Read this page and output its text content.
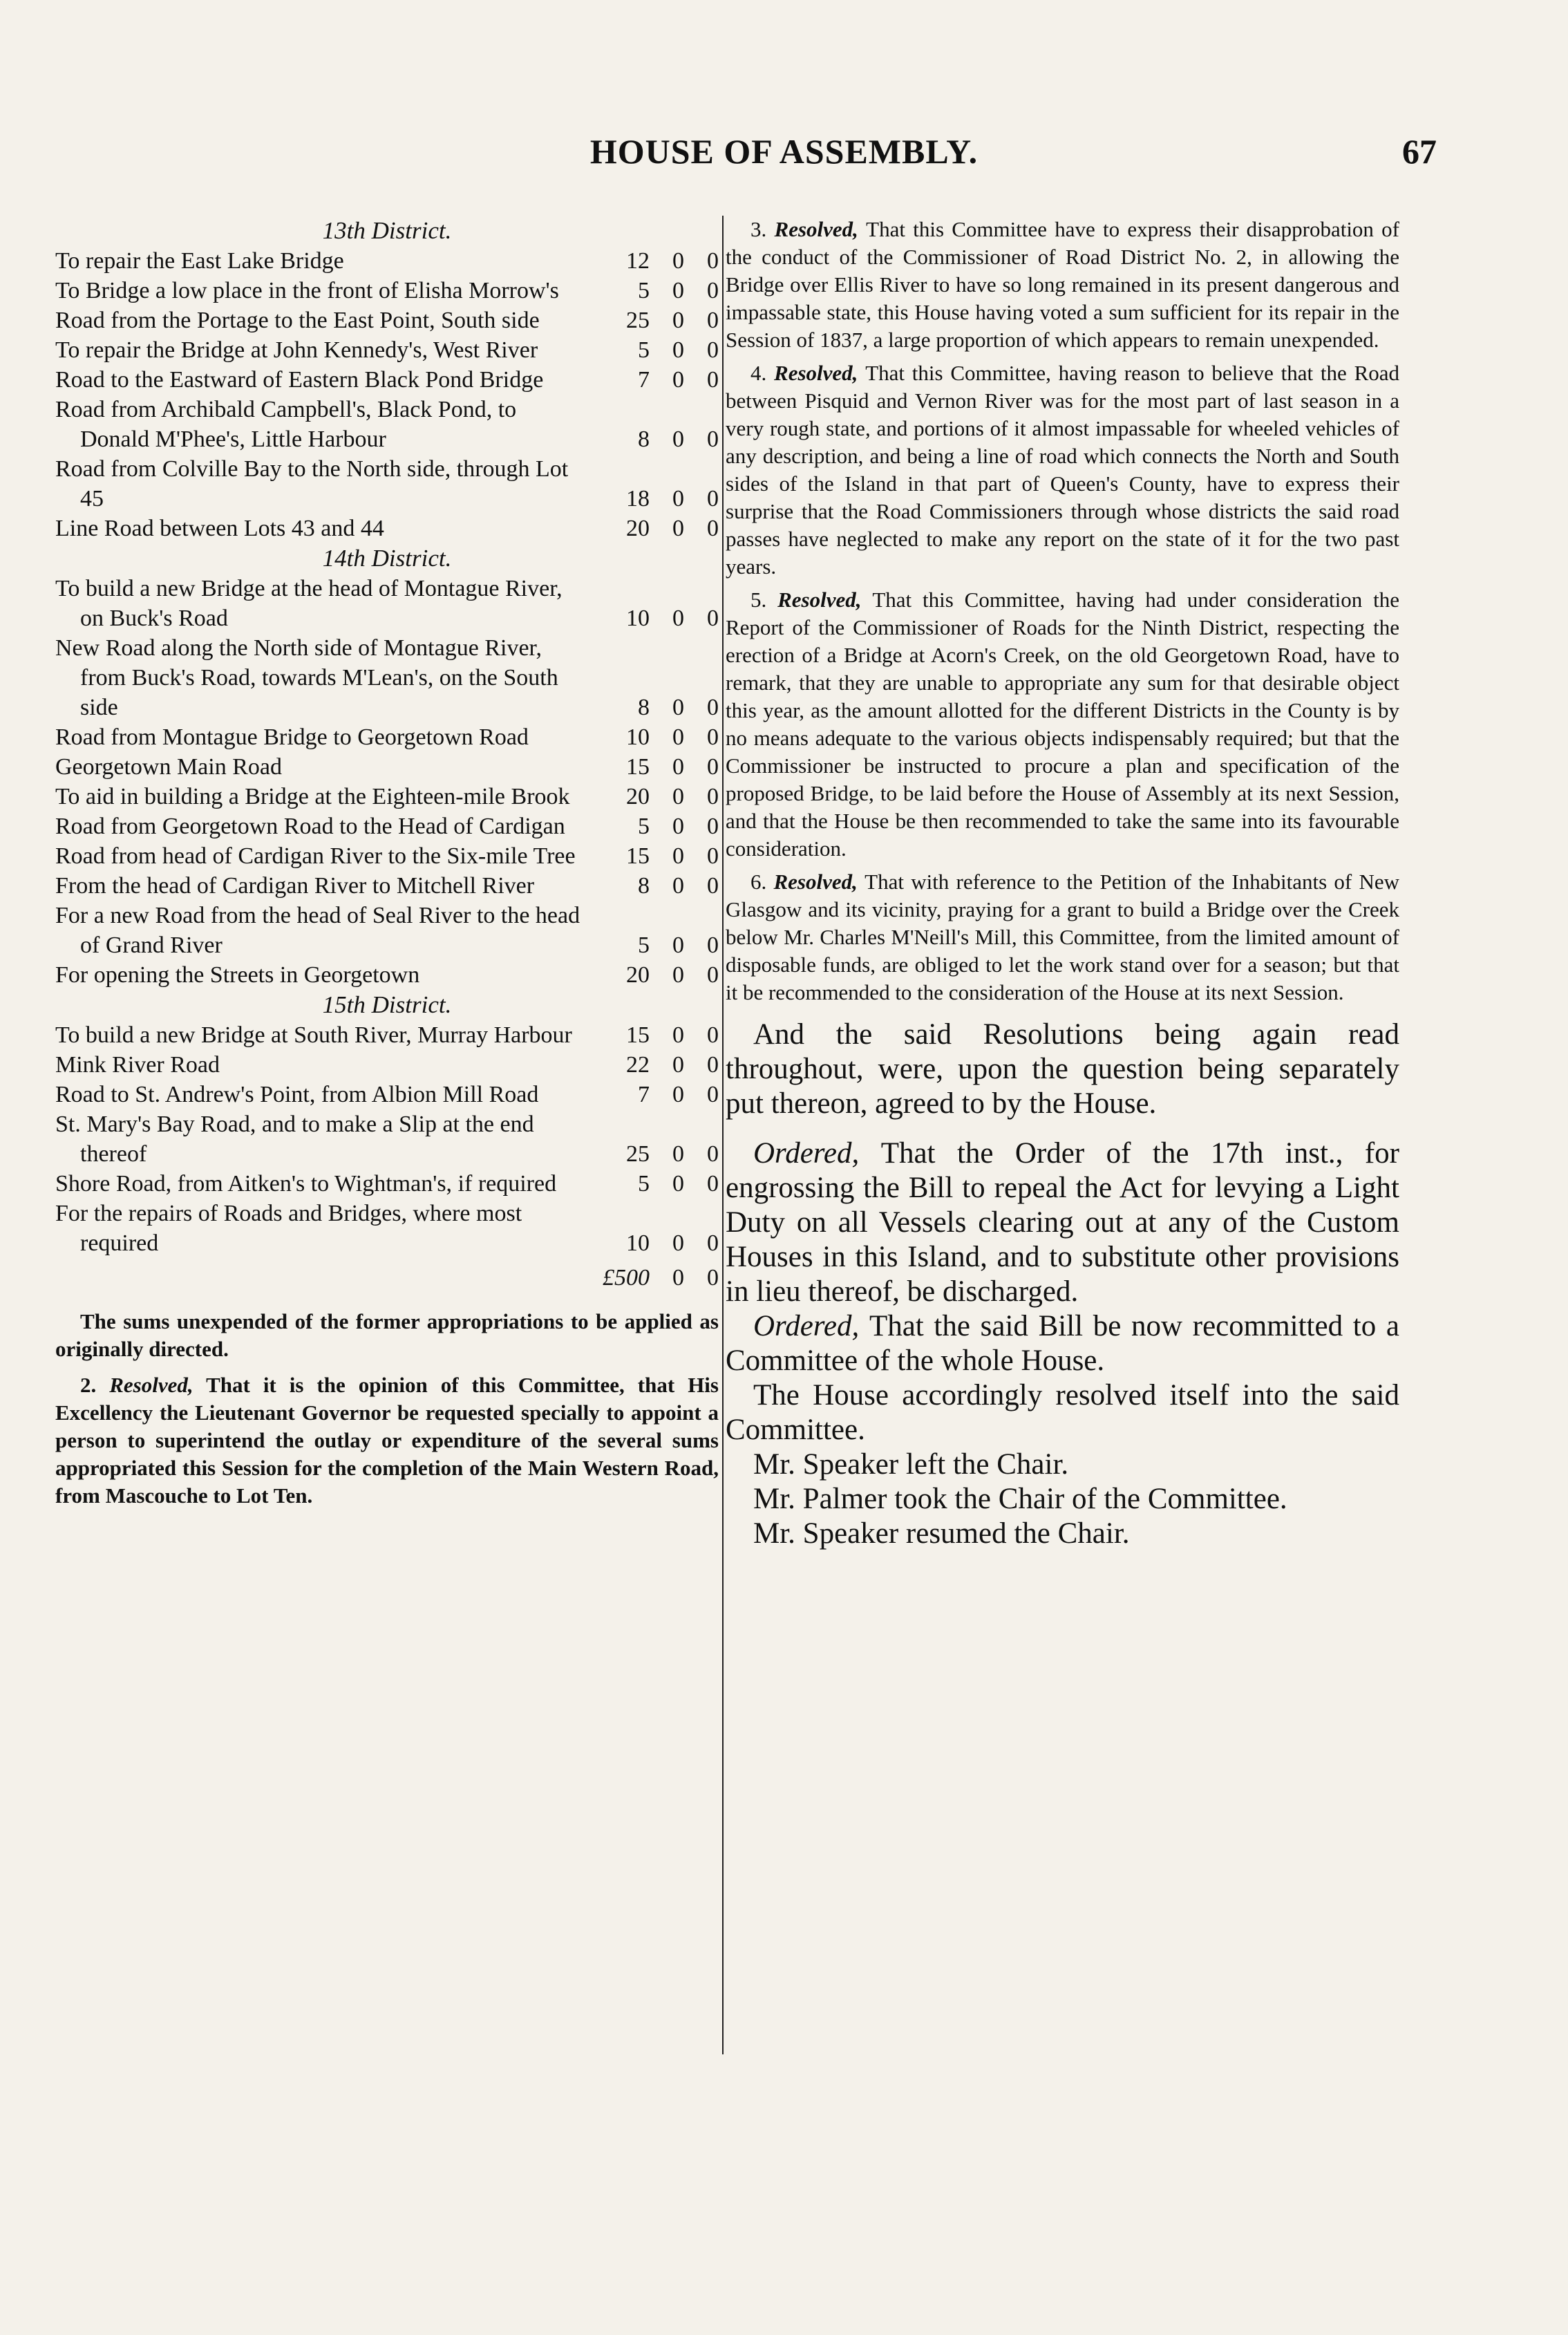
HOUSE OF ASSEMBLY.	67
13th District.
To repair the East Lake Bridge	12 0 0
To Bridge a low place in the front of Elisha Morrow's	5 0 0
Road from the Portage to the East Point, South side	25 0 0
To repair the Bridge at John Kennedy's, West River	5 0 0
Road to the Eastward of Eastern Black Pond Bridge	7 0 0
Road from Archibald Campbell's, Black Pond, to Donald M'Phee's, Little Harbour	8 0 0
Road from Colville Bay to the North side, through Lot 45	18 0 0
Line Road between Lots 43 and 44	20 0 0
14th District.
To build a new Bridge at the head of Montague River, on Buck's Road	10 0 0
New Road along the North side of Montague River, from Buck's Road, towards M'Lean's, on the South side	8 0 0
Road from Montague Bridge to Georgetown Road	10 0 0
Georgetown Main Road	15 0 0
To aid in building a Bridge at the Eighteen-mile Brook	20 0 0
Road from Georgetown Road to the Head of Cardigan	5 0 0
Road from head of Cardigan River to the Six-mile Tree	15 0 0
From the head of Cardigan River to Mitchell River	8 0 0
For a new Road from the head of Seal River to the head of Grand River	5 0 0
For opening the Streets in Georgetown	20 0 0
15th District.
To build a new Bridge at South River, Murray Harbour	15 0 0
Mink River Road	22 0 0
Road to St. Andrew's Point, from Albion Mill Road	7 0 0
St. Mary's Bay Road, and to make a Slip at the end thereof	25 0 0
Shore Road, from Aitken's to Wightman's, if required	5 0 0
For the repairs of Roads and Bridges, where most required	10 0 0
£500 0 0

The sums unexpended of the former appropriations to be applied as originally directed.

2. Resolved, That it is the opinion of this Committee, that His Excellency the Lieutenant Governor be requested specially to appoint a person to superintend the outlay or expenditure of the several sums appropriated this Session for the completion of the Main Western Road, from Mascouche to Lot Ten.

3. Resolved, That this Committee have to express their disapprobation of the conduct of the Commissioner of Road District No. 2, in allowing the Bridge over Ellis River to have so long remained in its present dangerous and impassable state, this House having voted a sum sufficient for its repair in the Session of 1837, a large proportion of which appears to remain unexpended.

4. Resolved, That this Committee, having reason to believe that the Road between Pisquid and Vernon River was for the most part of last season in a very rough state, and portions of it almost impassable for wheeled vehicles of any description, and being a line of road which connects the North and South sides of the Island in that part of Queen's County, have to express their surprise that the Road Commissioners through whose districts the said road passes have neglected to make any report on the state of it for the two past years.

5. Resolved, That this Committee, having had under consideration the Report of the Commissioner of Roads for the Ninth District, respecting the erection of a Bridge at Acorn's Creek, on the old Georgetown Road, have to remark, that they are unable to appropriate any sum for that desirable object this year, as the amount allotted for the different Districts in the County is by no means adequate to the various objects indispensably required; but that the Commissioner be instructed to procure a plan and specification of the proposed Bridge, to be laid before the House of Assembly at its next Session, and that the House be then recommended to take the same into its favourable consideration.

6. Resolved, That with reference to the Petition of the Inhabitants of New Glasgow and its vicinity, praying for a grant to build a Bridge over the Creek below Mr. Charles M'Neill's Mill, this Committee, from the limited amount of disposable funds, are obliged to let the work stand over for a season; but that it be recommended to the consideration of the House at its next Session.

And the said Resolutions being again read throughout, were, upon the question being separately put thereon, agreed to by the House.

Ordered, That the Order of the 17th inst., for engrossing the Bill to repeal the Act for levying a Light Duty on all Vessels clearing out at any of the Custom Houses in this Island, and to substitute other provisions in lieu thereof, be discharged.

Ordered, That the said Bill be now recommitted to a Committee of the whole House.

The House accordingly resolved itself into the said Committee.

Mr. Speaker left the Chair.

Mr. Palmer took the Chair of the Committee.

Mr. Speaker resumed the Chair.
